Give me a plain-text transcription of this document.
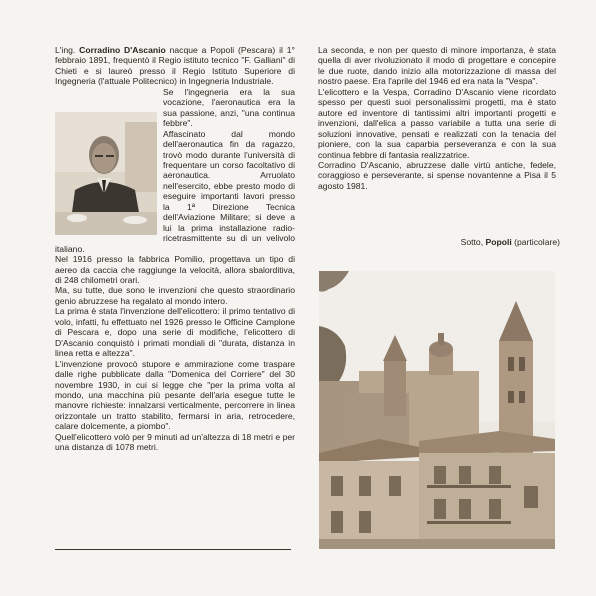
L'ing. Corradino D'Ascanio nacque a Popoli (Pescara) il 1° febbraio 1891, frequentò il Regio istituto tecnico "F. Galliani" di Chieti e si laureò presso il Regio Istituto Superiore di Ingegneria (l'attuale Politecnico) in Ingegneria Industriale.

Se l'ingegneria era la sua vocazione, l'aeronautica era la sua passione, anzi, "una continua febbre".

Affascinato dal mondo dell'aeronautica fin da ragazzo, trovò modo durante l'università di frequentare un corso facoltativo di aeronautica. Arruolato nell'esercito, ebbe presto modo di eseguire importanti lavori presso la 1ª Direzione Tecnica dell'Aviazione Militare; si deve a lui la prima installazione radio-ricetrasmittente su di un velivolo italiano.

Nel 1916 presso la fabbrica Pomilio, progettava un tipo di aereo da caccia che raggiunge la velocità, allora sbalorditiva, di 248 chilometri orari.

Ma, su tutte, due sono le invenzioni che questo straordinario genio abruzzese ha regalato al mondo intero.

La prima è stata l'invenzione dell'elicottero: il primo tentativo di volo, infatti, fu effettuato nel 1926 presso le Officine Camplone di Pescara e, dopo una serie di modifiche, l'elicottero di D'Ascanio conquistò i primati mondiali di "durata, distanza in linea retta e altezza".

L'invenzione provocò stupore e ammirazione come traspare dalle righe pubblicate dalla "Domenica del Corriere" del 30 novembre 1930, in cui si legge che "per la prima volta al mondo, una macchina più pesante dell'aria esegue tutte le manovre richieste: innalzarsi verticalmente, percorrere in linea orizzontale un tratto stabilito, fermarsi in aria, retrocedere, calare dolcemente, a piombo".

Quell'elicottero volò per 9 minuti ad un'altezza di 18 metri e per una distanza di 1078 metri.

La seconda, e non per questo di minore importanza, è stata quella di aver rivoluzionato il modo di progettare e concepire le due ruote, dando inizio alla motorizzazione di massa del nostro paese. Era l'aprile del 1946 ed era nata la "Vespa".

L'elicottero e la Vespa, Corradino D'Ascanio viene ricordato spesso per questi suoi personalissimi progetti, ma è stato autore ed inventore di tantissimi altri importanti progetti e invenzioni, dall'elica a passo variabile a tutta una serie di soluzioni innovative, pensati e realizzati con la tenacia del pioniere, con la sua caparbia perseveranza e con la sua continua febbre di fantasia realizzatrice.

Corradino D'Ascanio, abruzzese dalle virtù antiche, fedele, coraggioso e perseverante, si spense novantenne a Pisa il 5 agosto 1981.

Sotto, Popoli (particolare)
